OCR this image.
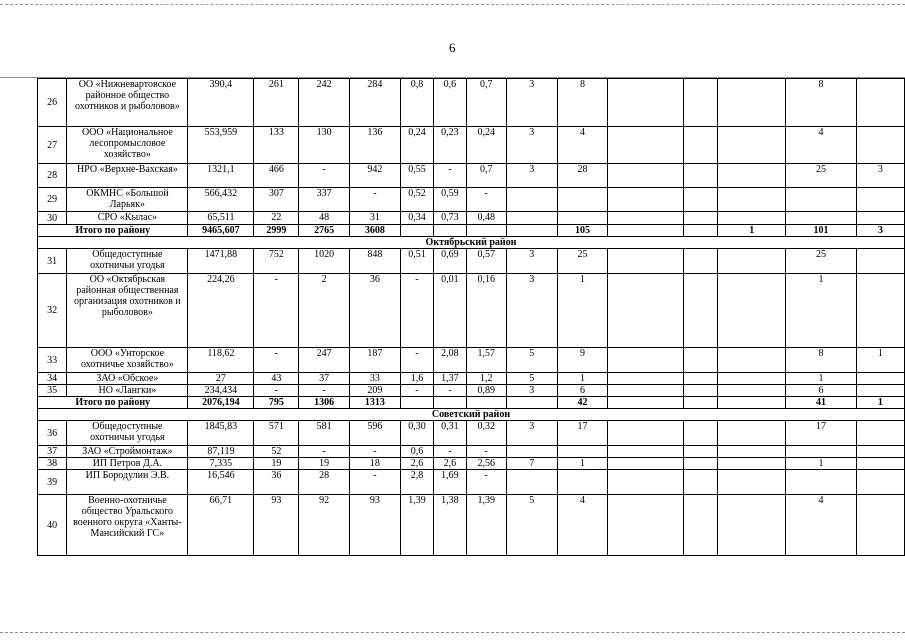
6
26	ОО «Нижневартовское районное общество охотников и рыболовов»	390,4	261	242	284	0,8	0,6	0,7	3	8				8	
27	ООО «Национальное лесопромысловое хозяйство»	553,959	133	130	136	0,24	0,23	0,24	3	4				4	
28	НРО «Верхне-Вахская»	1321,1	466	-	942	0,55	-	0,7	3	28				25	3
29	ОКМНС «Большой Ларьяк»	566,432	307	337	-	0,52	0,59	-							
30	СРО «Кылас»	65,511	22	48	31	0,34	0,73	0,48							
Итого по району		9465,607	2999	2765	3608					105			1	101	3
Октябрьский район															
31	Общедоступные охотничьи угодья	1471,88	752	1020	848	0,51	0,69	0,57	3	25				25	
32	ОО «Октябрьская районная общественная организация охотников и рыболовов»	224,26	-	2	36	-	0,01	0,16	3	1				1	
33	ООО «Унторское охотничье хозяйство»	118,62	-	247	187	-	2,08	1,57	5	9				8	1
34	ЗАО «Обское»	27	43	37	33	1,6	1,37	1,2	5	1				1	
35	НО «Лангки»	234,434	-	-	209	-	-	0,89	3	6				6	
Итого по району		2076,194	795	1306	1313					42				41	1
Советский район															
36	Общедоступные охотничьи угодья	1845,83	571	581	596	0,30	0,31	0,32	3	17				17	
37	ЗАО «Строймонтаж»	87,119	52	-	-	0,6	-	-							
38	ИП Петров Д.А.	7,335	19	19	18	2,6	2,6	2,56	7	1				1	
39	ИП Бородулин Э.В.	16,546	36	28	-	2,8	1,69	-							
40	Военно-охотничье общество Уральского военного округа «Ханты-Мансийский ГС»	66,71	93	92	93	1,39	1,38	1,39	5	4				4	
